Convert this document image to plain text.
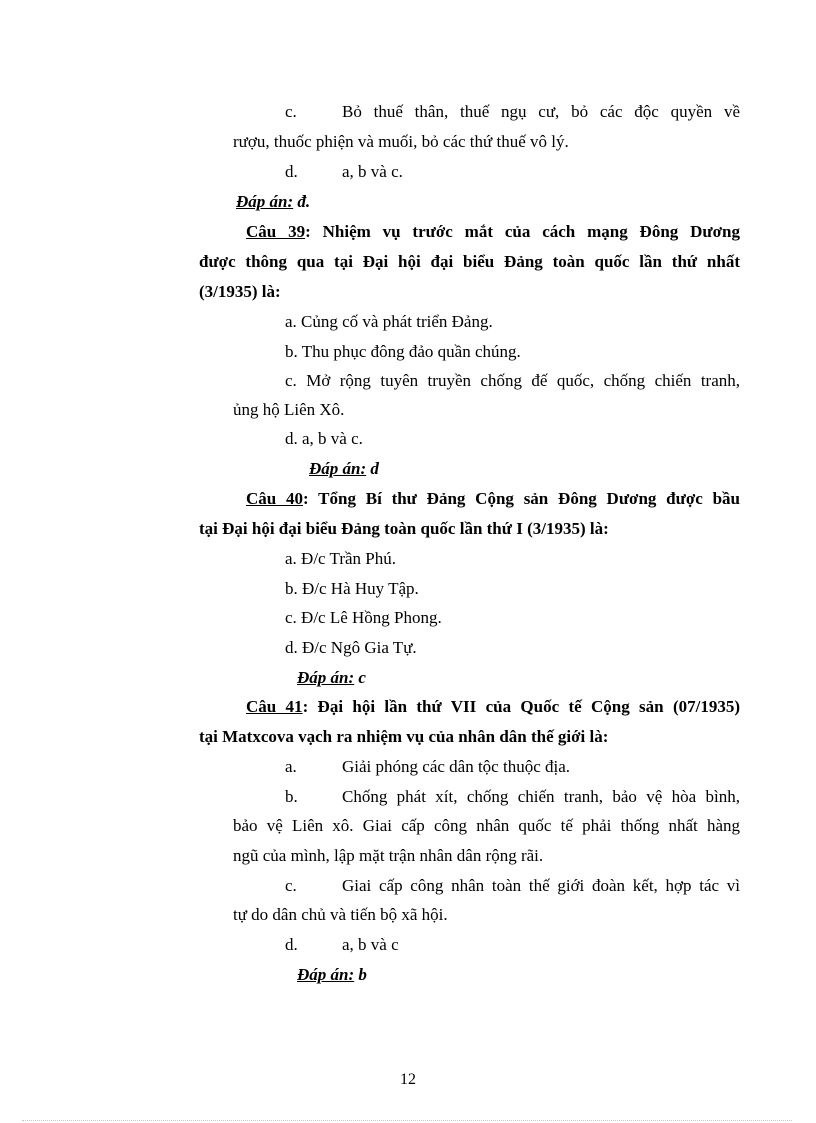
c.	Bỏ thuế thân, thuế ngụ cư, bỏ các độc quyền về
rượu, thuốc phiện và muối, bỏ các thứ thuế vô lý.
d.	a, b và c.
Đáp án: đ.
Câu 39: Nhiệm vụ trước mắt của cách mạng Đông Dương
được thông qua tại Đại hội đại biểu Đảng toàn quốc lần thứ nhất
(3/1935) là:
a. Củng cố và phát triển Đảng.
b. Thu phục đông đảo quần chúng.
c. Mở rộng tuyên truyền chống đế quốc, chống chiến tranh,
ủng hộ Liên Xô.
d. a, b và c.
Đáp án: d
Câu 40: Tổng Bí thư Đảng Cộng sản Đông Dương được bầu
tại Đại hội đại biểu Đảng toàn quốc lần thứ I (3/1935) là:
a. Đ/c Trần Phú.
b. Đ/c Hà Huy Tập.
c. Đ/c Lê Hồng Phong.
d. Đ/c Ngô Gia Tự.
Đáp án: c
Câu 41: Đại hội lần thứ VII của Quốc tế Cộng sản (07/1935)
tại Matxcova vạch ra nhiệm vụ của nhân dân thế giới là:
a.	Giải phóng các dân tộc thuộc địa.
b.	Chống phát xít, chống chiến tranh, bảo vệ hòa bình,
bảo vệ Liên xô. Giai cấp công nhân quốc tế phải thống nhất hàng
ngũ của mình, lập mặt trận nhân dân rộng rãi.
c.	Giai cấp công nhân toàn thế giới đoàn kết, hợp tác vì
tự do dân chủ và tiến bộ xã hội.
d.	a, b và c
Đáp án: b
12
